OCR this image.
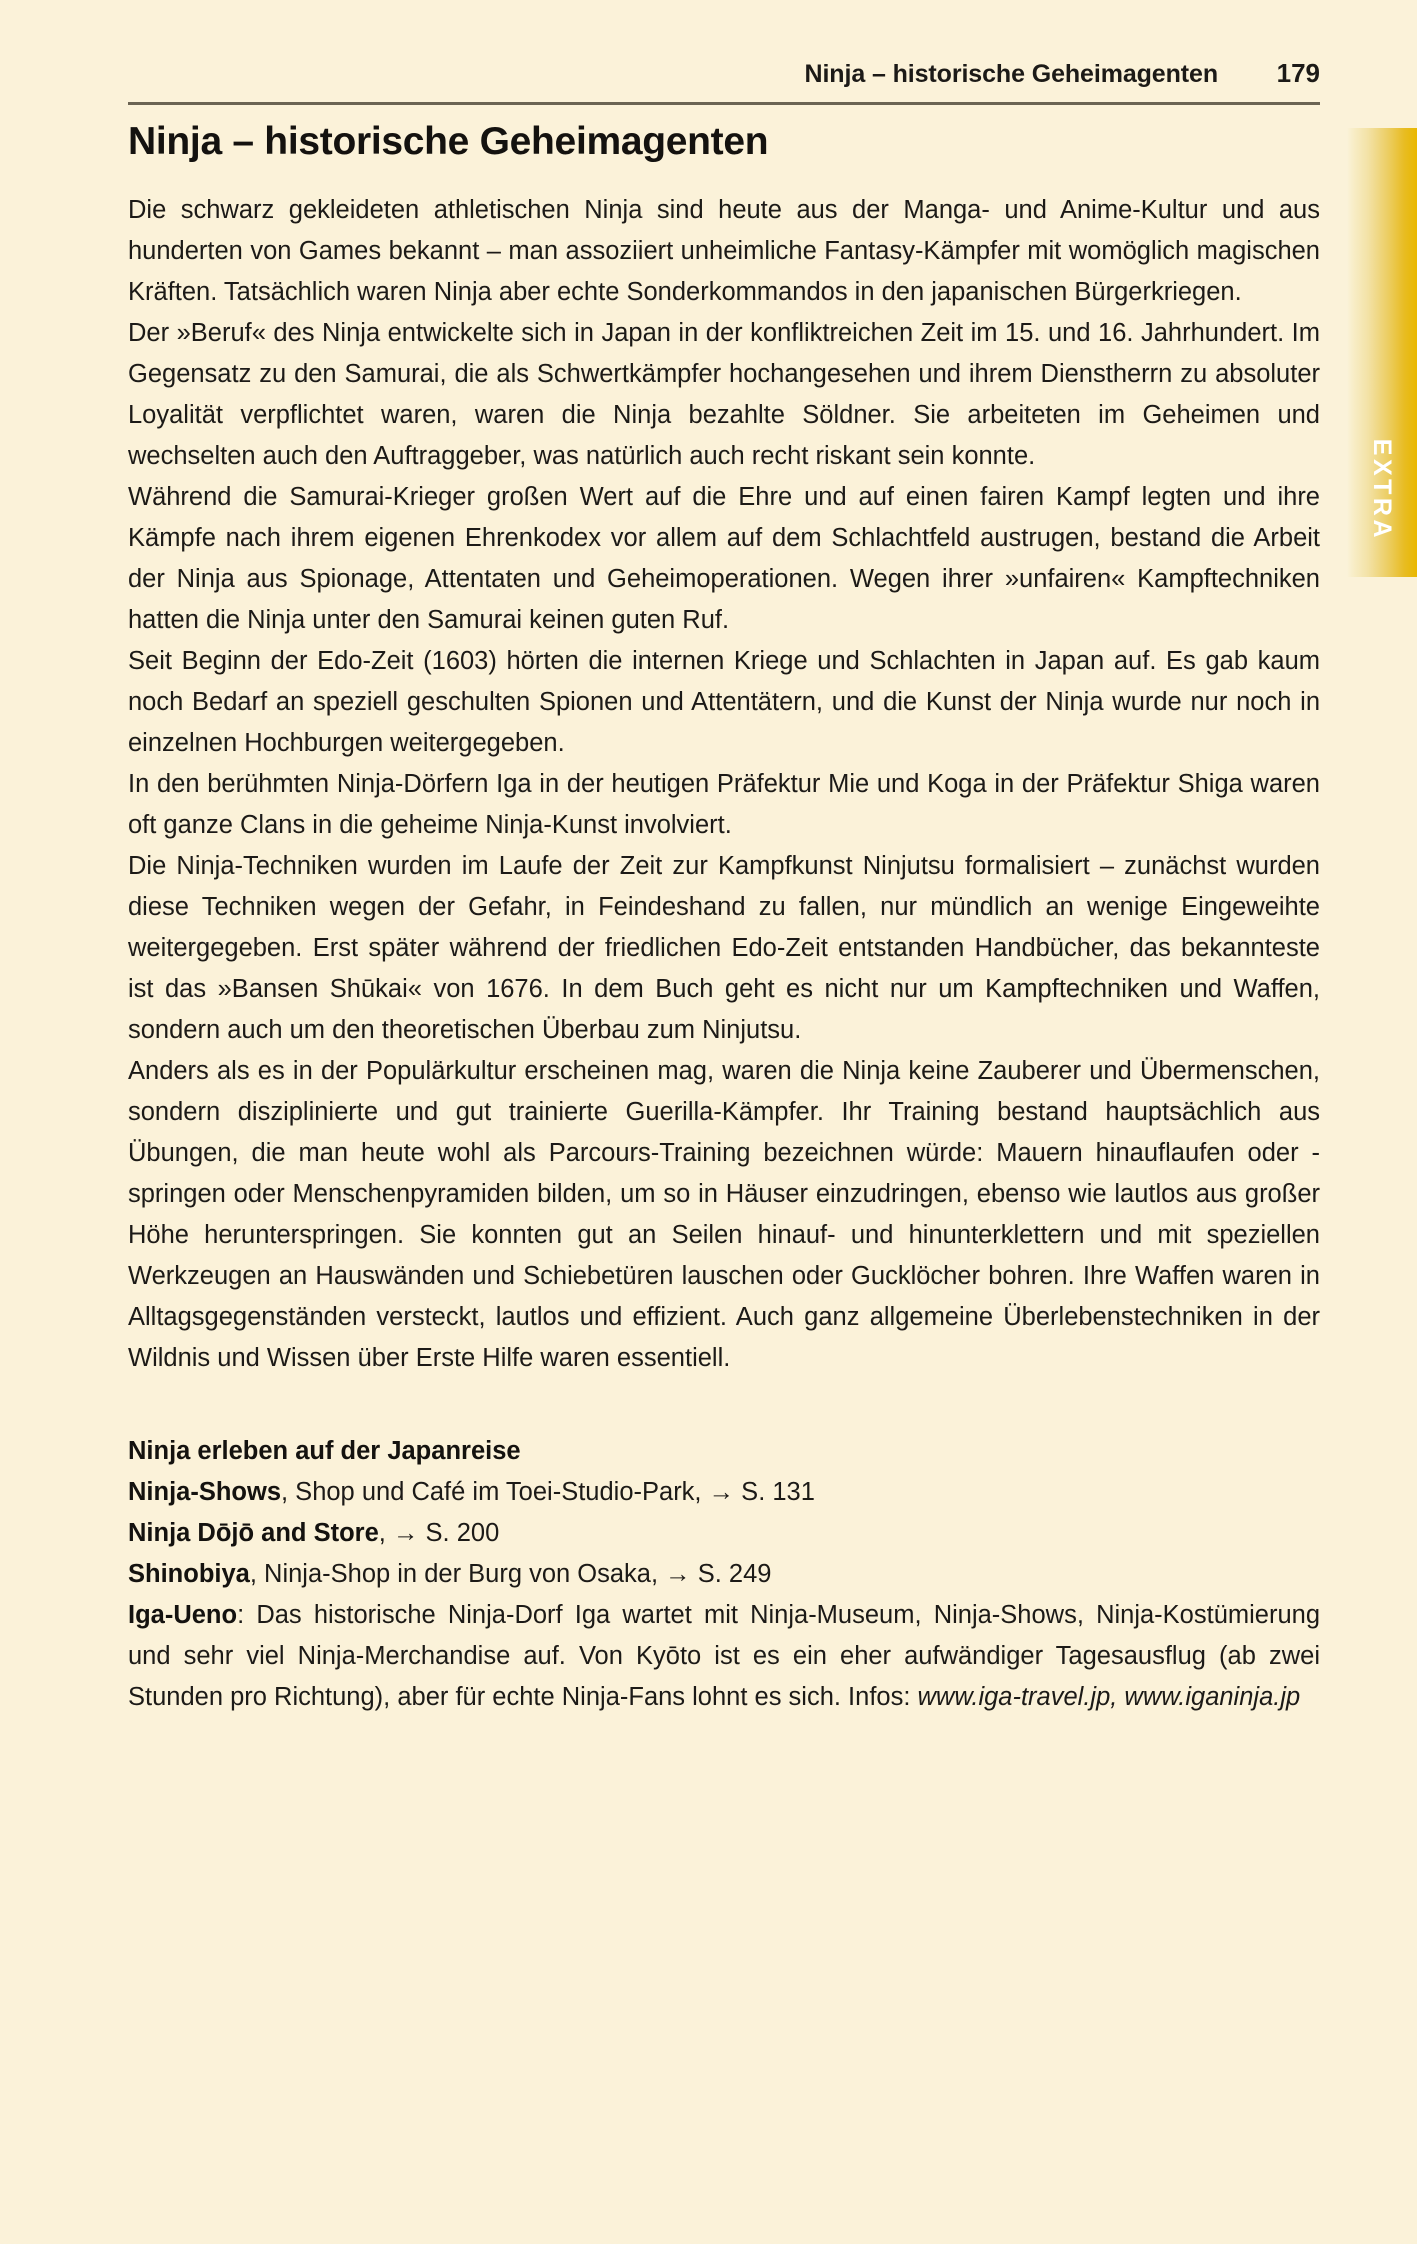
Ninja – historische Geheimagenten 179
EXTRA
Ninja – historische Geheimagenten

Die schwarz gekleideten athletischen Ninja sind heute aus der Manga- und Anime-Kultur und aus hunderten von Games bekannt – man assoziiert unheimliche Fantasy-Kämpfer mit womöglich magischen Kräften. Tatsächlich waren Ninja aber echte Sonderkommandos in den japanischen Bürgerkriegen.

Der »Beruf« des Ninja entwickelte sich in Japan in der konfliktreichen Zeit im 15. und 16. Jahrhundert. Im Gegensatz zu den Samurai, die als Schwertkämpfer hochangesehen und ihrem Dienstherrn zu absoluter Loyalität verpflichtet waren, waren die Ninja bezahlte Söldner. Sie arbeiteten im Geheimen und wechselten auch den Auftraggeber, was natürlich auch recht riskant sein konnte.

Während die Samurai-Krieger großen Wert auf die Ehre und auf einen fairen Kampf legten und ihre Kämpfe nach ihrem eigenen Ehrenkodex vor allem auf dem Schlachtfeld austrugen, bestand die Arbeit der Ninja aus Spionage, Attentaten und Geheimoperationen. Wegen ihrer »unfairen« Kampftechniken hatten die Ninja unter den Samurai keinen guten Ruf.

Seit Beginn der Edo-Zeit (1603) hörten die internen Kriege und Schlachten in Japan auf. Es gab kaum noch Bedarf an speziell geschulten Spionen und Attentätern, und die Kunst der Ninja wurde nur noch in einzelnen Hochburgen weitergegeben.

In den berühmten Ninja-Dörfern Iga in der heutigen Präfektur Mie und Koga in der Präfektur Shiga waren oft ganze Clans in die geheime Ninja-Kunst involviert.

Die Ninja-Techniken wurden im Laufe der Zeit zur Kampfkunst Ninjutsu formalisiert – zunächst wurden diese Techniken wegen der Gefahr, in Feindeshand zu fallen, nur mündlich an wenige Eingeweihte weitergegeben. Erst später während der friedlichen Edo-Zeit entstanden Handbücher, das bekannteste ist das »Bansen Shūkai« von 1676. In dem Buch geht es nicht nur um Kampftechniken und Waffen, sondern auch um den theoretischen Überbau zum Ninjutsu.

Anders als es in der Populärkultur erscheinen mag, waren die Ninja keine Zauberer und Übermenschen, sondern disziplinierte und gut trainierte Guerilla-Kämpfer. Ihr Training bestand hauptsächlich aus Übungen, die man heute wohl als Parcours-Training bezeichnen würde: Mauern hinauflaufen oder -springen oder Menschenpyramiden bilden, um so in Häuser einzudringen, ebenso wie lautlos aus großer Höhe herunterspringen. Sie konnten gut an Seilen hinauf- und hinunterklettern und mit speziellen Werkzeugen an Hauswänden und Schiebetüren lauschen oder Gucklöcher bohren. Ihre Waffen waren in Alltagsgegenständen versteckt, lautlos und effizient. Auch ganz allgemeine Überlebenstechniken in der Wildnis und Wissen über Erste Hilfe waren essentiell.

Ninja erleben auf der Japanreise
Ninja-Shows, Shop und Café im Toei-Studio-Park, → S. 131
Ninja Dōjō and Store, → S. 200
Shinobiya, Ninja-Shop in der Burg von Osaka, → S. 249
Iga-Ueno: Das historische Ninja-Dorf Iga wartet mit Ninja-Museum, Ninja-Shows, Ninja-Kostümierung und sehr viel Ninja-Merchandise auf. Von Kyōto ist es ein eher aufwändiger Tagesausflug (ab zwei Stunden pro Richtung), aber für echte Ninja-Fans lohnt es sich. Infos: www.iga-travel.jp, www.iganinja.jp
